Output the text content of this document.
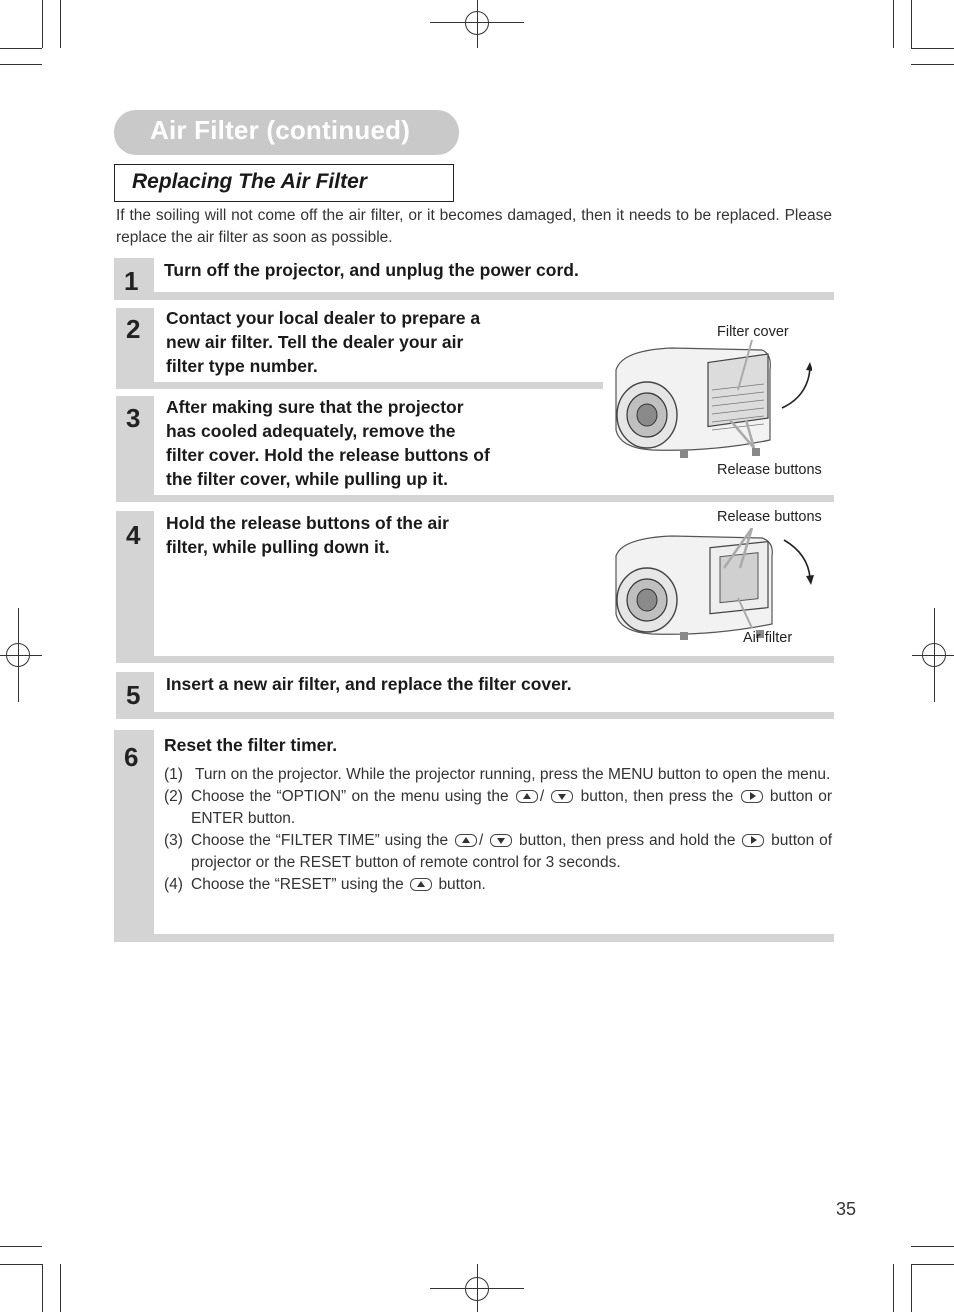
Air Filter (continued)
Replacing The Air Filter
If the soiling will not come off the air filter, or it becomes damaged, then it needs to be replaced. Please replace the air filter as soon as possible.
1 Turn off the projector, and unplug the power cord.
2 Contact your local dealer to prepare a
new air filter. Tell the dealer your air
filter type number.
3 After making sure that the projector
has cooled adequately, remove the
filter cover. Hold the release buttons of
the filter cover, while pulling up it.
Filter cover
Release buttons
4 Hold the release buttons of the air
filter, while pulling down it.
Release buttons
Air filter
5 Insert a new air filter, and replace the filter cover.
6 Reset the filter timer.
(1) Turn on the projector. While the projector running, press the MENU button to open the menu.
(2) Choose the “OPTION” on the menu using the / button, then press the button or ENTER button.
(3) Choose the “FILTER TIME” using the / button, then press and hold the button of projector or the RESET button of remote control for 3 seconds.
(4) Choose the “RESET” using the button.
35
